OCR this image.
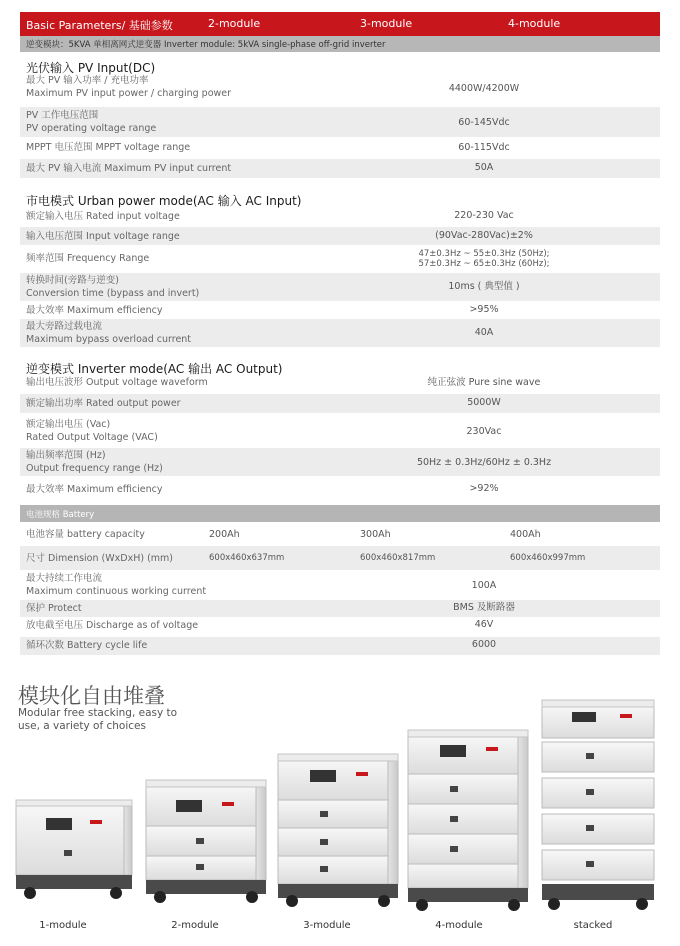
Basic Parameters/ 基础参数	2-module	3-module	4-module
逆变模块：5KVA 单相离网式逆变器 Inverter module: 5kVA single-phase off-grid inverter
光伏输入 PV Input(DC)
最大 PV 输入功率 / 充电功率
Maximum PV input power / charging power	4400W/4200W
PV 工作电压范围
PV operating voltage range
60-145Vdc
MPPT 电压范围 MPPT voltage range	60-115Vdc
最大 PV 输入电流 Maximum PV input current	50A
市电模式 Urban power mode(AC 输入 AC Input)
额定输入电压 Rated input voltage	220-230 Vac
输入电压范围 Input voltage range	(90Vac-280Vac)±2%
频率范围 Frequency Range	47±0.3Hz ~ 55±0.3Hz (50Hz);
57±0.3Hz ~ 65±0.3Hz (60Hz);
转换时间(旁路与逆变)
Conversion time (bypass and invert)
10ms ( 典型值 )
最大效率 Maximum efficiency	>95%
最大旁路过载电流
Maximum bypass overload current
40A
逆变模式 Inverter mode(AC 输出 AC Output)
输出电压波形 Output voltage waveform	纯正弦波 Pure sine wave
额定输出功率 Rated output power	5000W
额定输出电压 (Vac)
Rated Output Voltage (VAC)
230Vac
输出频率范围 (Hz)
Output frequency range (Hz)
50Hz ± 0.3Hz/60Hz ± 0.3Hz
最大效率 Maximum efficiency	>92%
电池规格 Battery
电池容量 battery capacity	200Ah	300Ah	400Ah
尺寸 Dimension (WxDxH) (mm)	600x460x637mm	600x460x817mm	600x460x997mm
最大持续工作电流
Maximum continuous working current
100A
保护 Protect	BMS 及断路器
放电截至电压 Discharge as of voltage	46V
循环次数 Battery cycle life	6000
模块化自由堆叠
Modular free stacking, easy to use, a variety of choices
1-module	2-module	3-module	4-module	stacked
